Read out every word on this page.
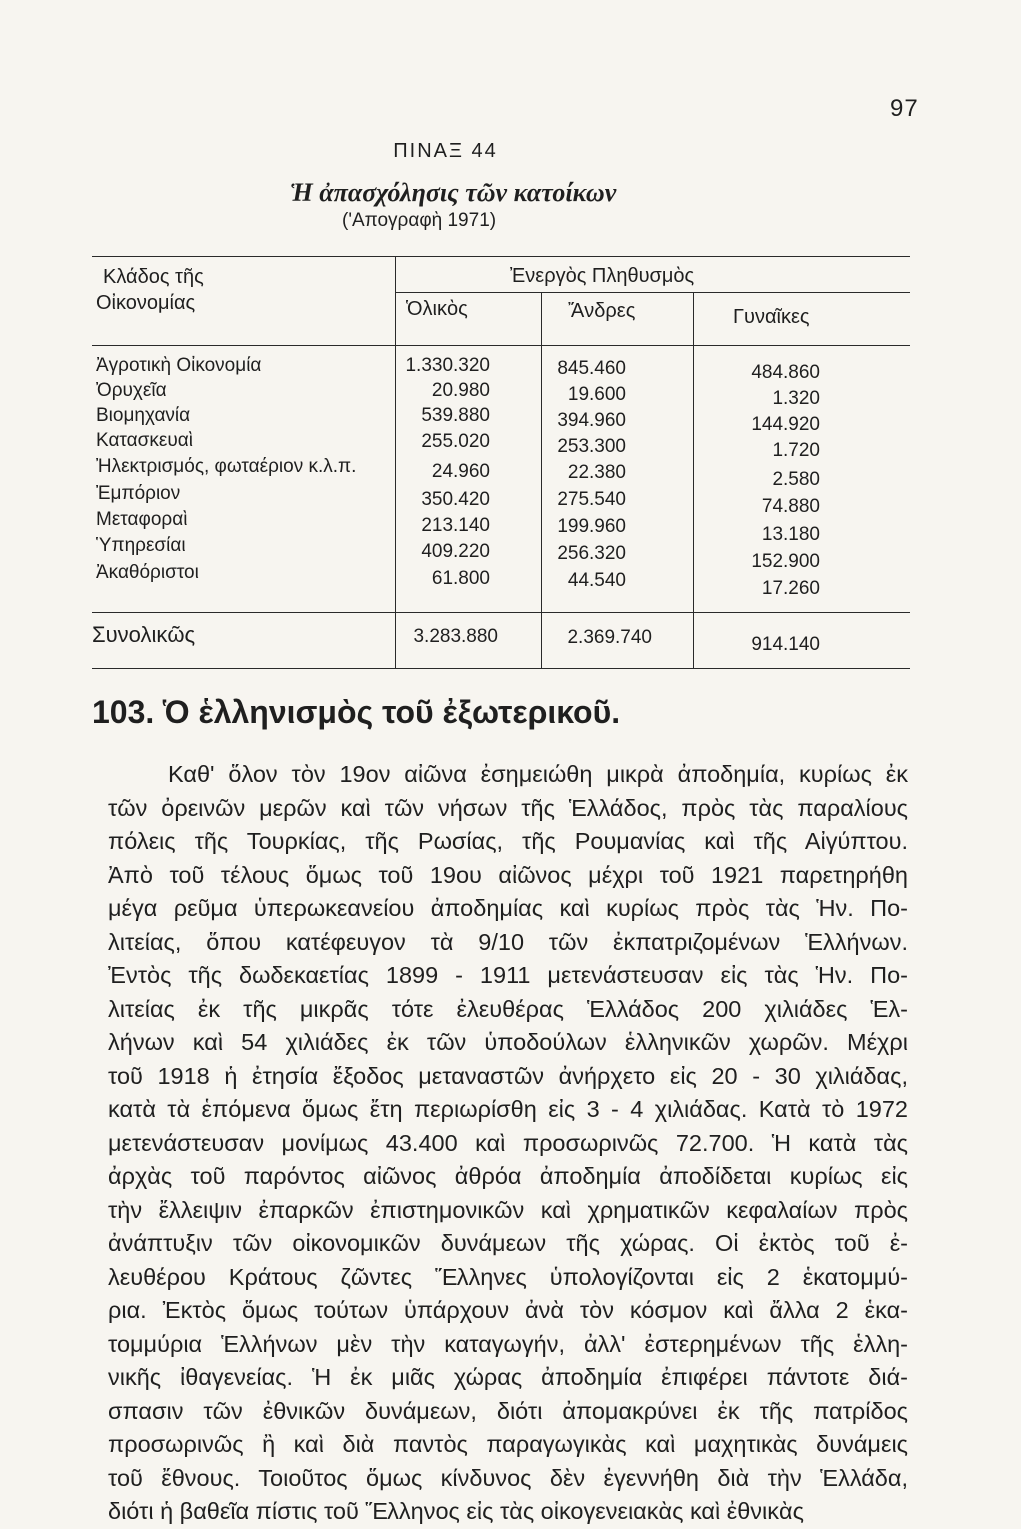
97
ΠΙΝΑΞ 44
Ἡ ἀπασχόλησις τῶν κατοίκων
('Απογραφὴ 1971)
Κλάδος τῆς
Οἰκονομίας
Ἐνεργὸς Πληθυσμὸς
Ὁλικὸς	Ἄνδρες	Γυναῖκες
Ἀγροτικὴ Οἰκονομία	1.330.320	845.460	484.860
Ὀρυχεῖα	20.980	19.600	1.320
Βιομηχανία	539.880	394.960	144.920
Κατασκευαὶ	255.020	253.300	1.720
Ἠλεκτρισμός, φωταέριον κ.λ.π.	24.960	22.380	2.580
Ἐμπόριον	350.420	275.540	74.880
Μεταφοραὶ	213.140	199.960	13.180
Ὑπηρεσίαι	409.220	256.320	152.900
Ἀκαθόριστοι	61.800	44.540	17.260
Συνολικῶς	3.283.880	2.369.740	914.140
103. Ὁ ἑλληνισμὸς τοῦ ἐξωτερικοῦ.
Καθ' ὅλον τὸν 19ον αἰῶνα ἐσημειώθη μικρὰ ἀποδημία, κυρίως ἐκ
τῶν ὀρεινῶν μερῶν καὶ τῶν νήσων τῆς Ἑλλάδος, πρὸς τὰς παραλίους
πόλεις τῆς Τουρκίας, τῆς Ρωσίας, τῆς Ρουμανίας καὶ τῆς Αἰγύπτου.
Ἀπὸ τοῦ τέλους ὅμως τοῦ 19ου αἰῶνος μέχρι τοῦ 1921 παρετηρήθη
μέγα ρεῦμα ὑπερωκεανείου ἀποδημίας καὶ κυρίως πρὸς τὰς Ἡν. Πο-
λιτείας, ὅπου κατέφευγον τὰ 9/10 τῶν ἐκπατριζομένων Ἑλλήνων.
Ἐντὸς τῆς δωδεκαετίας 1899 - 1911 μετενάστευσαν εἰς τὰς Ἡν. Πο-
λιτείας ἐκ τῆς μικρᾶς τότε ἐλευθέρας Ἑλλάδος 200 χιλιάδες Ἑλ-
λήνων καὶ 54 χιλιάδες ἐκ τῶν ὑποδούλων ἑλληνικῶν χωρῶν. Μέχρι
τοῦ 1918 ἡ ἐτησία ἔξοδος μεταναστῶν ἀνήρχετο εἰς 20 - 30 χιλιάδας,
κατὰ τὰ ἑπόμενα ὅμως ἔτη περιωρίσθη εἰς 3 - 4 χιλιάδας. Κατὰ τὸ 1972
μετενάστευσαν μονίμως 43.400 καὶ προσωρινῶς 72.700. Ἡ κατὰ τὰς
ἀρχὰς τοῦ παρόντος αἰῶνος ἀθρόα ἀποδημία ἀποδίδεται κυρίως εἰς
τὴν ἔλλειψιν ἐπαρκῶν ἐπιστημονικῶν καὶ χρηματικῶν κεφαλαίων πρὸς
ἀνάπτυξιν τῶν οἰκονομικῶν δυνάμεων τῆς χώρας. Οἱ ἐκτὸς τοῦ ἐ-
λευθέρου Κράτους ζῶντες Ἕλληνες ὑπολογίζονται εἰς 2 ἑκατομμύ-
ρια. Ἐκτὸς ὅμως τούτων ὑπάρχουν ἀνὰ τὸν κόσμον καὶ ἄλλα 2 ἑκα-
τομμύρια Ἑλλήνων μὲν τὴν καταγωγήν, ἀλλ' ἐστερημένων τῆς ἑλλη-
νικῆς ἰθαγενείας. Ἡ ἐκ μιᾶς χώρας ἀποδημία ἐπιφέρει πάντοτε διά-
σπασιν τῶν ἐθνικῶν δυνάμεων, διότι ἀπομακρύνει ἐκ τῆς πατρίδος
προσωρινῶς ἢ καὶ διὰ παντὸς παραγωγικὰς καὶ μαχητικὰς δυνάμεις
τοῦ ἔθνους. Τοιοῦτος ὅμως κίνδυνος δὲν ἐγεννήθη διὰ τὴν Ἑλλάδα,
διότι ἡ βαθεῖα πίστις τοῦ Ἕλληνος εἰς τὰς οἰκογενειακὰς καὶ ἐθνικὰς
